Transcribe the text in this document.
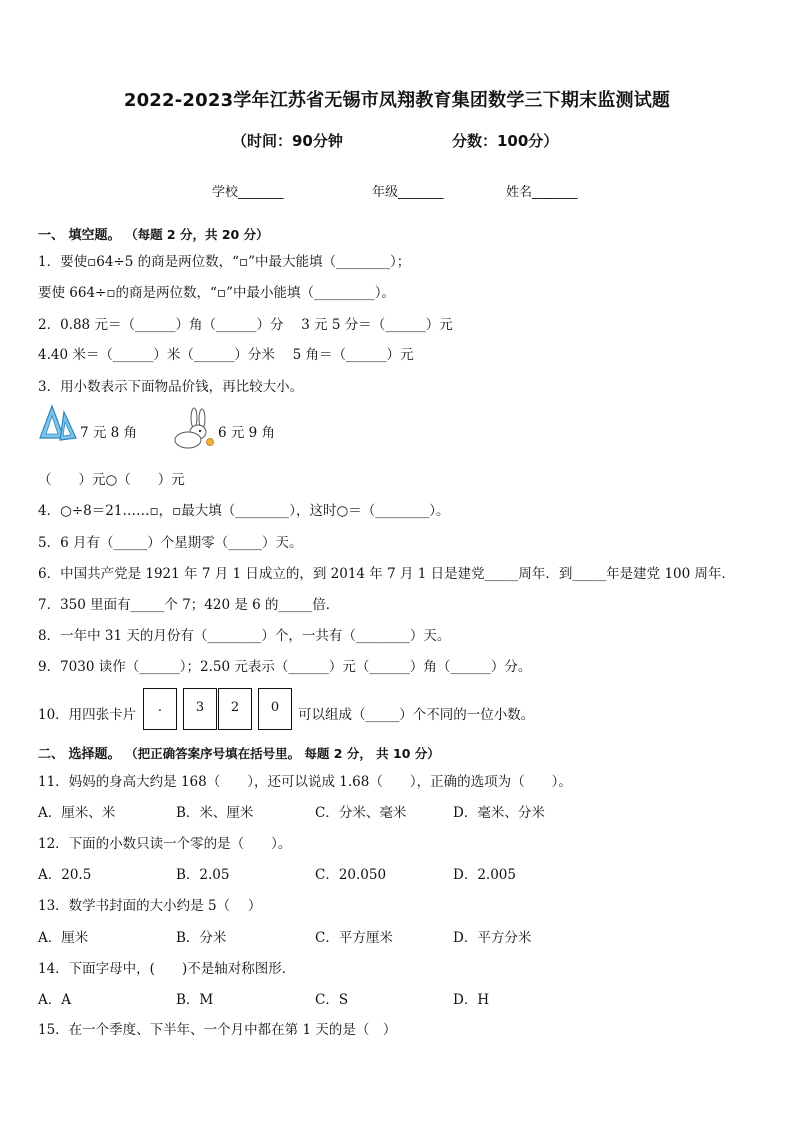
2022-2023学年江苏省无锡市凤翔教育集团数学三下期末监测试题
（时间：90分钟	分数：100分）
学校_______	年级_______	姓名_______
一、 填空题。 （每题 2 分，共 20 分）
1．要使▫64÷5 的商是两位数，“▫”中最大能填（________）；
要使 664÷▫的商是两位数，“▫”中最小能填（_________）。
2．0.88 元＝（______）角（______）分 　3 元 5 分＝（______）元
4.40 米＝（______）米（______）分米 　5 角＝（______）元
3．用小数表示下面物品价钱，再比较大小。
7 元 8 角	6 元 9 角
（　　）元○（　　）元
4．○÷8＝21……▫，▫最大填（________），这时○＝（________）。
5．6 月有（_____）个星期零（_____）天。
6．中国共产党是 1921 年 7 月 1 日成立的，到 2014 年 7 月 1 日是建党_____周年．到_____年是建党 100 周年．
7．350 里面有_____个 7；420 是 6 的_____倍．
8．一年中 31 天的月份有（________）个，一共有（________）天。
9．7030 读作（______）；2.50 元表示（______）元（______）角（______）分。
10．用四张卡片	.	3	2	0	可以组成（_____）个不同的一位小数。
二、 选择题。 （把正确答案序号填在括号里。 每题 2 分， 共 10 分）
11．妈妈的身高大约是 168（　　），还可以说成 1.68（　　），正确的选项为（　　）。
A．厘米、米	B．米、厘米	C．分米、毫米	D．毫米、分米
12．下面的小数只读一个零的是（　　）。
A．20.5	B．2.05	C．20.050	D．2.005
13．数学书封面的大小约是 5（　 ）
A．厘米	B．分米	C．平方厘米	D．平方分米
14．下面字母中，(　　)不是轴对称图形．
A．A	B．M	C．S	D．H
15．在一个季度、下半年、一个月中都在第 1 天的是（　）
